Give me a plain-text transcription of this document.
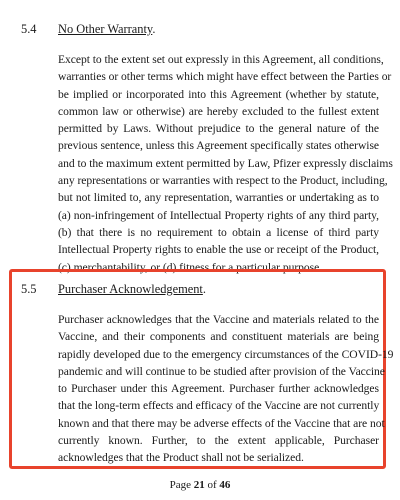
5.4 No Other Warranty.

Except to the extent set out expressly in this Agreement, all conditions,
warranties or other terms which might have effect between the Parties or
be implied or incorporated into this Agreement (whether by statute,
common law or otherwise) are hereby excluded to the fullest extent
permitted by Laws. Without prejudice to the general nature of the
previous sentence, unless this Agreement specifically states otherwise
and to the maximum extent permitted by Law, Pfizer expressly disclaims
any representations or warranties with respect to the Product, including,
but not limited to, any representation, warranties or undertaking as to
(a) non-infringement of Intellectual Property rights of any third party,
(b) that there is no requirement to obtain a license of third party
Intellectual Property rights to enable the use or receipt of the Product,
(c) merchantability, or (d) fitness for a particular purpose.

5.5 Purchaser Acknowledgement.

Purchaser acknowledges that the Vaccine and materials related to the
Vaccine, and their components and constituent materials are being
rapidly developed due to the emergency circumstances of the COVID-19
pandemic and will continue to be studied after provision of the Vaccine
to Purchaser under this Agreement. Purchaser further acknowledges
that the long-term effects and efficacy of the Vaccine are not currently
known and that there may be adverse effects of the Vaccine that are not
currently known. Further, to the extent applicable, Purchaser
acknowledges that the Product shall not be serialized.

Page 21 of 46
